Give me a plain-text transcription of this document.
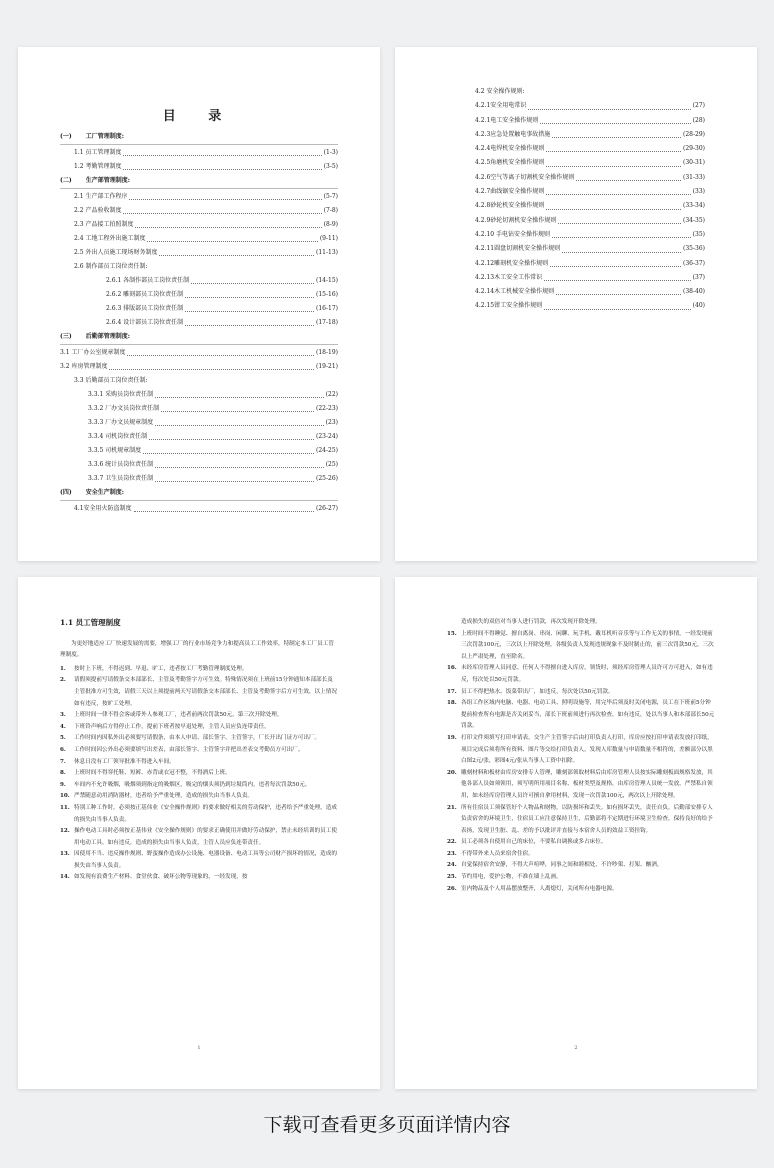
目 录
(一) 工厂管理制度:
1.1 员工管理制度	(1-3)
1.2 考勤管理制度	(3-5)
(二) 生产部管理制度:
2.1 生产部工作程序	(5-7)
2.2 产品验收制度	(7-8)
2.3 产品接工拍照制度	(8-9)
2.4 工地工程外出施工制度	(9-11)
2.5 外出人员施工现场财务制度	(11-13)
2.6 制作部员工岗位责任制:
2.6.1 各制作部员工岗位责任制	(14-15)
2.6.2 雕刻部员工岗位责任制	(15-16)
2.6.3 排版部员工岗位责任制	(16-17)
2.6.4 设计部员工岗位责任制	(17-18)
(三) 后勤部管理制度:
3.1 工厂办公室规章制度	(18-19)
3.2 库房管理制度	(19-21)
3.3 后勤部员工岗位责任制:
3.3.1 采购员岗位责任制	(22)
3.3.2 厂办文员岗位责任制	(22-23)
3.3.3 厂办文员规章制度	(23)
3.3.4 司机岗位责任制	(23-24)
3.3.5 司机规章制度	(24-25)
3.3.6 统计员岗位责任制	(25)
3.3.7 卫生员岗位责任制	(25-26)
(四) 安全生产制度:
4.1安全用火防盗制度	(26-27)
4.2 安全操作规则:
4.2.1安全用电常识	(27)
4.2.1电工安全操作规则	(28)
4.2.3应急处置触电事故措施	(28-29)
4.2.4电焊机安全操作规则	(29-30)
4.2.5角磨机安全操作规则	(30-31)
4.2.6空气等离子切割机安全操作规则	(31-33)
4.2.7曲线锯安全操作规则	(33)
4.2.8砂轮机安全操作规则	(33-34)
4.2.9砂轮切割机安全操作规则	(34-35)
4.2.10 手电钻安全操作规则	(35)
4.2.11圆盘切割机安全操作规则	(35-36)
4.2.12雕刻机安全操作规则	(36-37)
4.2.13木工安全工作常识	(37)
4.2.14木工机械安全操作规则	(38-40)
4.2.15钳工安全操作规则	(40)
1.1 员工管理制度
为更好地适应工厂快速发展的需要，增强工厂的行业市场竞争力和提高员工工作效率，特制定本工厂员工管理制度。
1.	按时上下班，不得迟到、早退、旷工，违者按工厂考勤管理制度处理。
2.	请假须提前写请假条交本部部长、主管及考勤签字方可生效。特殊情况须在上班前15分钟通知本部部长及主管批准方可生效，请假三天以上须提前两天写请假条交本部部长、主管及考勤签字后方可生效，以上情况如有违反，按旷工处理。
3.	上班时间一律不得会客或带外人参观工厂，违者前两次罚款50元，第三次开除处理。
4.	下班铃声响后方得停止工作，提前下班者按早退处理，主管人员应负连带责任。
5.	工作时间内因私外出必须要写请假条，由本人申请、部长签字、主管签字，厂长开出门证方可出厂。
6.	工作时间因公外出必须要填写出差表，由部长签字、主管签字并把出差表交考勤员方可出厂。
7.	休息日没有工厂领导批准不得进入车间。
8.	上班时间不得穿托鞋、短裤、赤背或衣冠不整，不得酒后上班。
9.	车间内不允许吸烟，吸烟须到指定的吸烟区，吸完的烟头须扔到垃圾筒内。违者每次罚款50元。
10. 严禁随意动用消防器材，违者给予严重处理，造成的损失由当事人负责。
11. 特别工种工作时，必须按正基伟业《安全操作规则》的要求做好相关的劳动保护，违者给予严重处理，造成的损失由当事人负责。
12. 操作电动工具时必须按正基伟业《安全操作规则》的要求正确使用并做好劳动保护，禁止未经培训的员工使用电动工具。如有违反，造成的损失由当事人负责，主管人员应负连带责任。
13. 因使用不当、违反操作规则、野蛮操作造成办公设施、电器设备、电动工具等公司财产损坏的情况，造成的损失由当事人负责。
14. 如发现有浪费生产材料、食堂伙食、破坏公物等现象的，一经发现，按
1
造成损失的双倍对当事人进行罚款，再次发现开除处理。
15. 上班时间不得睡觉、擅自离岗、串岗、闲聊、玩手机、戴耳机听音乐等与工作无关的事情，一经发现前三次罚款100元，三次以上开除处理，各级负责人发现违规现象不及时制止的，前三次罚款50元，三次以上严肃处理，直至除名。
16. 未经库房管理人员同意，任何人不得擅自进入库房，领货时，须经库房管理人员许可方可进入，如有违反，每次处以50元罚款。
17. 员工不得把热水、饭菜带出厂，如违反，每次处以50元罚款。
18. 各组工作区域内电脑、电器、电动工具、照明设施等，用完毕后须及时关闭电源，员工在下班前5分钟提前检查所有电源是否关闭妥当，部长下班前须进行再次检查，如有违反，处以当事人和本部部长50元罚款。
19. 打印文件须填写打印申请表，交生产主管签字后由打印负责人打印，库房应按打印申请表发放打印纸，项目完成后须将所有资料、图片等交给打印负责人，发现人库数量与申请数量不相符的，差额部分以黑白图2元/张，彩图4元/张从当事人工资中扣除。
20. 雕刻材料和板材由库房安排专人管理，雕刻部领取材料后由库房管理人员按实际雕刻板面规格发放，其他各部人员如须领用，须写明所用项目名称、板材类型及规格，由库房管理人员统一发放，严禁私自领用，如未经库房管理人员许可擅自拿用材料，发现一次罚款100元，两次以上开除处理。
21. 所有住宿员工须保管好个人物品和财物，以防损坏和丢失。如有损坏丢失，责任自负。后勤部安排专人负责宿舍的环境卫生，住宿员工应注意保持卫生，后勤部将不定期进行环境卫生检查，保持良好的给予表扬，发现卫生脏、乱、差的予以批评并直接与本宿舍人员的效益工资挂钩。
22. 员工必须各自使用自己的床位，不要私自调换或多占床位。
23. 不得带外来人员来宿舍住宿。
24. 自觉保持宿舍安静，不得大声喧哗，同事之间和睦相处，不许吵架、打架、酗酒。
25. 节约用电，爱护公物，不准在墙上乱画。
26. 室内物品及个人用品摆放整齐，人离熄灯，关闭所有电器电源。
2
下载可查看更多页面详情内容
